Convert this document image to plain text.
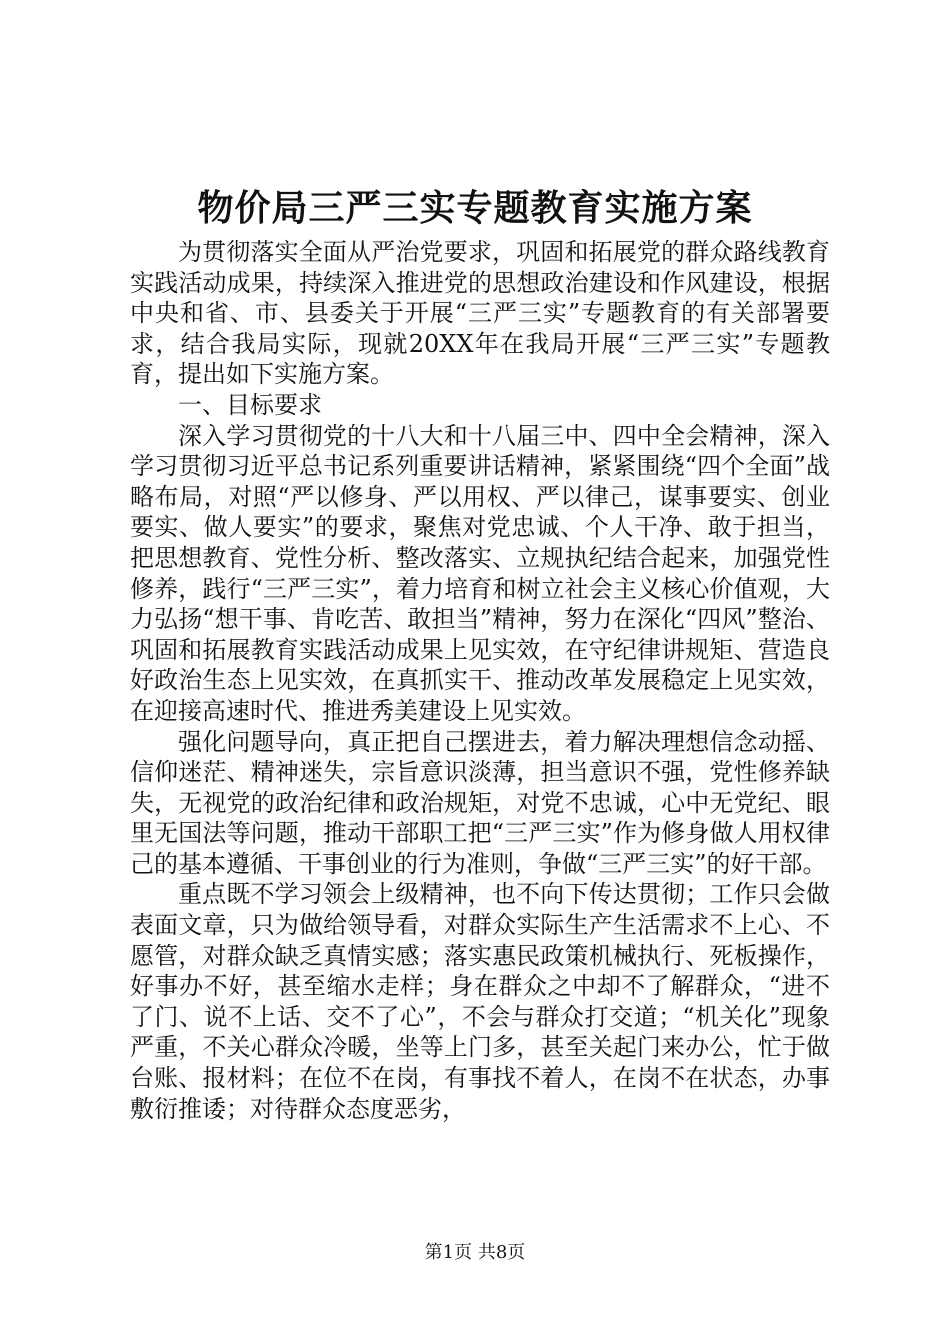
物价局三严三实专题教育实施方案

为贯彻落实全面从严治党要求，巩固和拓展党的群众路线教育实践活动成果，持续深入推进党的思想政治建设和作风建设，根据中央和省、市、县委关于开展“三严三实”专题教育的有关部署要求，结合我局实际，现就20XX年在我局开展“三严三实”专题教育，提出如下实施方案。

一、目标要求

深入学习贯彻党的十八大和十八届三中、四中全会精神，深入学习贯彻习近平总书记系列重要讲话精神，紧紧围绕“四个全面”战略布局，对照“严以修身、严以用权、严以律己，谋事要实、创业要实、做人要实”的要求，聚焦对党忠诚、个人干净、敢于担当，把思想教育、党性分析、整改落实、立规执纪结合起来，加强党性修养，践行“三严三实”，着力培育和树立社会主义核心价值观，大力弘扬“想干事、肯吃苦、敢担当”精神，努力在深化“四风”整治、巩固和拓展教育实践活动成果上见实效，在守纪律讲规矩、营造良好政治生态上见实效，在真抓实干、推动改革发展稳定上见实效，在迎接高速时代、推进秀美建设上见实效。

强化问题导向，真正把自己摆进去，着力解决理想信念动摇、信仰迷茫、精神迷失，宗旨意识淡薄，担当意识不强，党性修养缺失，无视党的政治纪律和政治规矩，对党不忠诚，心中无党纪、眼里无国法等问题，推动干部职工把“三严三实”作为修身做人用权律己的基本遵循、干事创业的行为准则，争做“三严三实”的好干部。

重点既不学习领会上级精神，也不向下传达贯彻；工作只会做表面文章，只为做给领导看，对群众实际生产生活需求不上心、不愿管，对群众缺乏真情实感；落实惠民政策机械执行、死板操作，好事办不好，甚至缩水走样；身在群众之中却不了解群众，“进不了门、说不上话、交不了心”，不会与群众打交道；“机关化”现象严重，不关心群众冷暖，坐等上门多，甚至关起门来办公，忙于做台账、报材料；在位不在岗，有事找不着人，在岗不在状态，办事敷衍推诿；对待群众态度恶劣，

第1页 共8页
